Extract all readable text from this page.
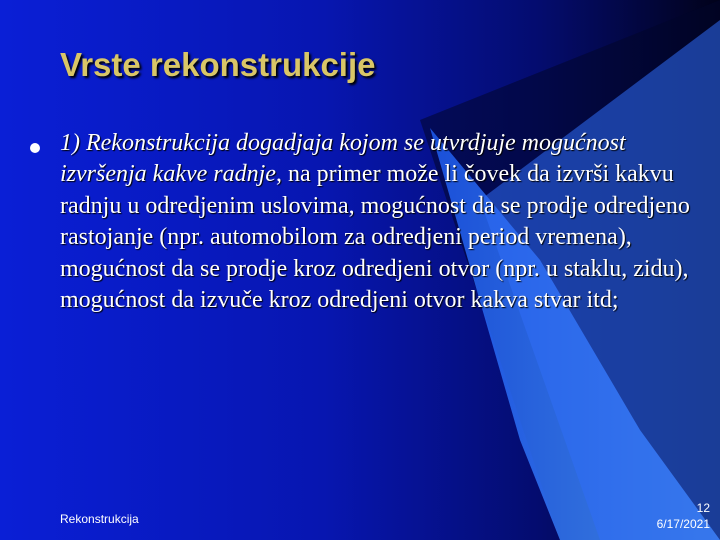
Vrste rekonstrukcije

1) Rekonstrukcija dogadjaja kojom se utvrdjuje mogućnost izvršenja kakve radnje, na primer može li čovek da izvrši kakvu radnju u odredjenim uslovima, mogućnost da se prodje odredjeno rastojanje (npr. automobilom za odredjeni period vremena), mogućnost da se prodje kroz odredjeni otvor (npr. u staklu, zidu), mogućnost da izvuče kroz odredjeni otvor kakva stvar itd;

Rekonstrukcija
12
6/17/2021
